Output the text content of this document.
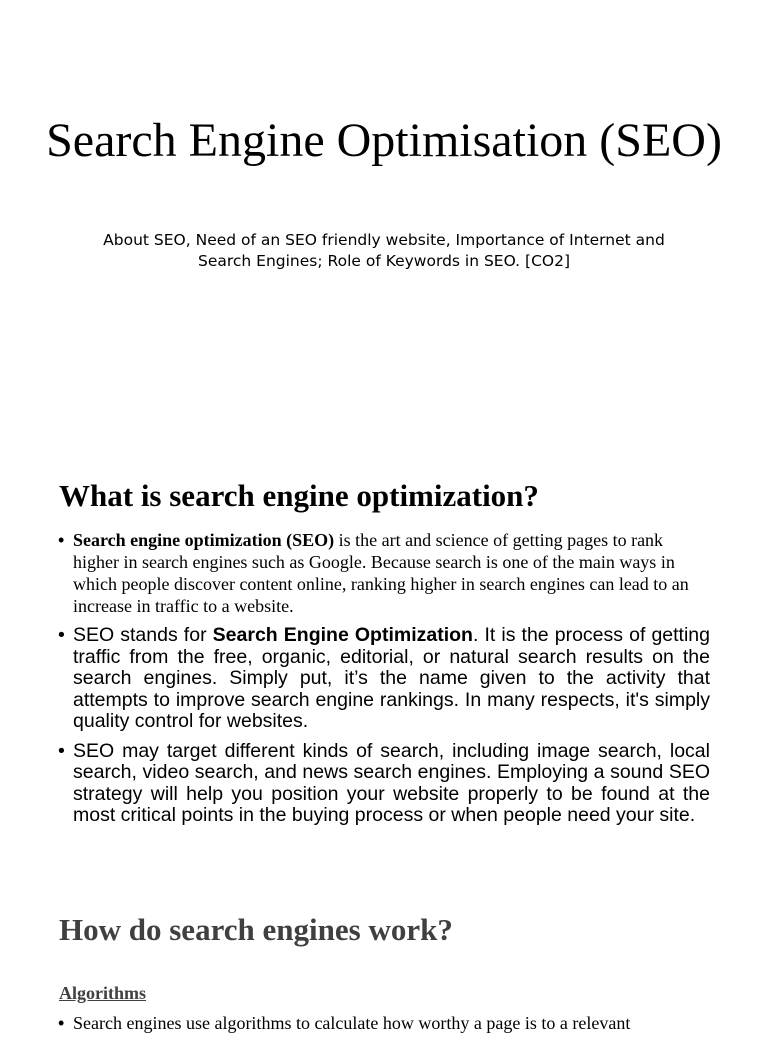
Search Engine Optimisation (SEO)
About SEO, Need of an SEO friendly website, Importance of Internet and Search Engines; Role of Keywords in SEO. [CO2]
What is search engine optimization?
• Search engine optimization (SEO) is the art and science of getting pages to rank higher in search engines such as Google. Because search is one of the main ways in which people discover content online, ranking higher in search engines can lead to an increase in traffic to a website.
• SEO stands for Search Engine Optimization. It is the process of getting traffic from the free, organic, editorial, or natural search results on the search engines. Simply put, it’s the name given to the activity that attempts to improve search engine rankings. In many respects, it's simply quality control for websites.
• SEO may target different kinds of search, including image search, local search, video search, and news search engines. Employing a sound SEO strategy will help you position your website properly to be found at the most critical points in the buying process or when people need your site.
How do search engines work?
Algorithms
• Search engines use algorithms to calculate how worthy a page is to a relevant
